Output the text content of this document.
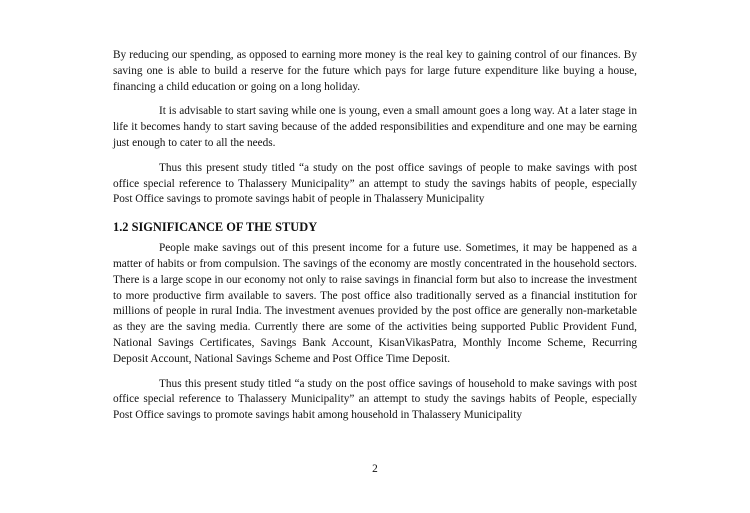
By reducing our spending, as opposed to earning more money is the real key to gaining control of our finances. By saving one is able to build a reserve for the future which pays for large future expenditure like buying a house, financing a child education or going on a long holiday.

It is advisable to start saving while one is young, even a small amount goes a long way. At a later stage in life it becomes handy to start saving because of the added responsibilities and expenditure and one may be earning just enough to cater to all the needs.

Thus this present study titled “a study on the post office savings of people to make savings with post office special reference to Thalassery Municipality” an attempt to study the savings habits of people, especially Post Office savings to promote savings habit of people in Thalassery Municipality

1.2 SIGNIFICANCE OF THE STUDY

People make savings out of this present income for a future use. Sometimes, it may be happened as a matter of habits or from compulsion. The savings of the economy are mostly concentrated in the household sectors. There is a large scope in our economy not only to raise savings in financial form but also to increase the investment to more productive firm available to savers. The post office also traditionally served as a financial institution for millions of people in rural India. The investment avenues provided by the post office are generally non-marketable as they are the saving media. Currently there are some of the activities being supported Public Provident Fund, National Savings Certificates, Savings Bank Account, KisanVikasPatra, Monthly Income Scheme, Recurring Deposit Account, National Savings Scheme and Post Office Time Deposit.

Thus this present study titled “a study on the post office savings of household to make savings with post office special reference to Thalassery Municipality” an attempt to study the savings habits of People, especially Post Office savings to promote savings habit among household in Thalassery Municipality

2
